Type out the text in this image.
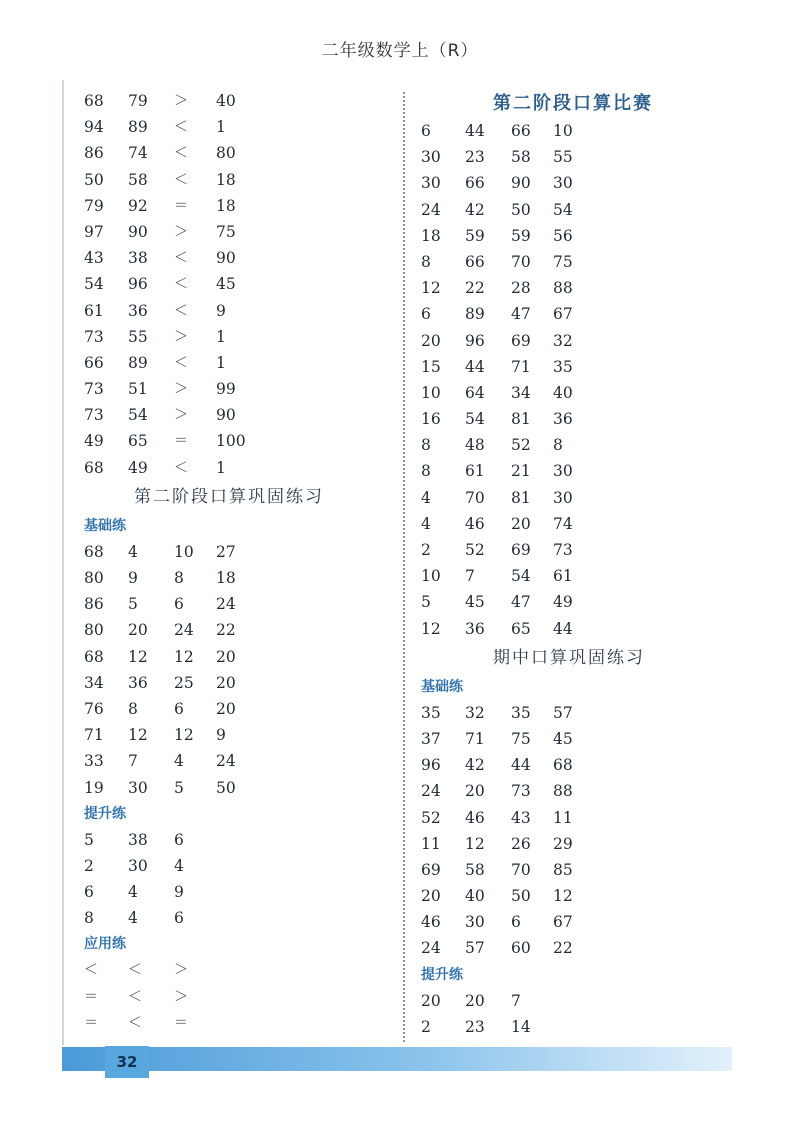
二年级数学上（R）
68	79	＞	40
94	89	＜	1
86	74	＜	80
50	58	＜	18
79	92	＝	18
97	90	＞	75
43	38	＜	90
54	96	＜	45
61	36	＜	9
73	55	＞	1
66	89	＜	1
73	51	＞	99
73	54	＞	90
49	65	＝	100
68	49	＜	1
第二阶段口算巩固练习
基础练
68	4	10	27
80	9	8	18
86	5	6	24
80	20	24	22
68	12	12	20
34	36	25	20
76	8	6	20
71	12	12	9
33	7	4	24
19	30	5	50
提升练
5	38	6
2	30	4
6	4	9
8	4	6
应用练
＜	＜	＞
＝	＜	＞
＝	＜	＝
第二阶段口算比赛
6	44	66	10
30	23	58	55
30	66	90	30
24	42	50	54
18	59	59	56
8	66	70	75
12	22	28	88
6	89	47	67
20	96	69	32
15	44	71	35
10	64	34	40
16	54	81	36
8	48	52	8
8	61	21	30
4	70	81	30
4	46	20	74
2	52	69	73
10	7	54	61
5	45	47	49
12	36	65	44
期中口算巩固练习
基础练
35	32	35	57
37	71	75	45
96	42	44	68
24	20	73	88
52	46	43	11
11	12	26	29
69	58	70	85
20	40	50	12
46	30	6	67
24	57	60	22
提升练
20	20	7
2	23	14
32
